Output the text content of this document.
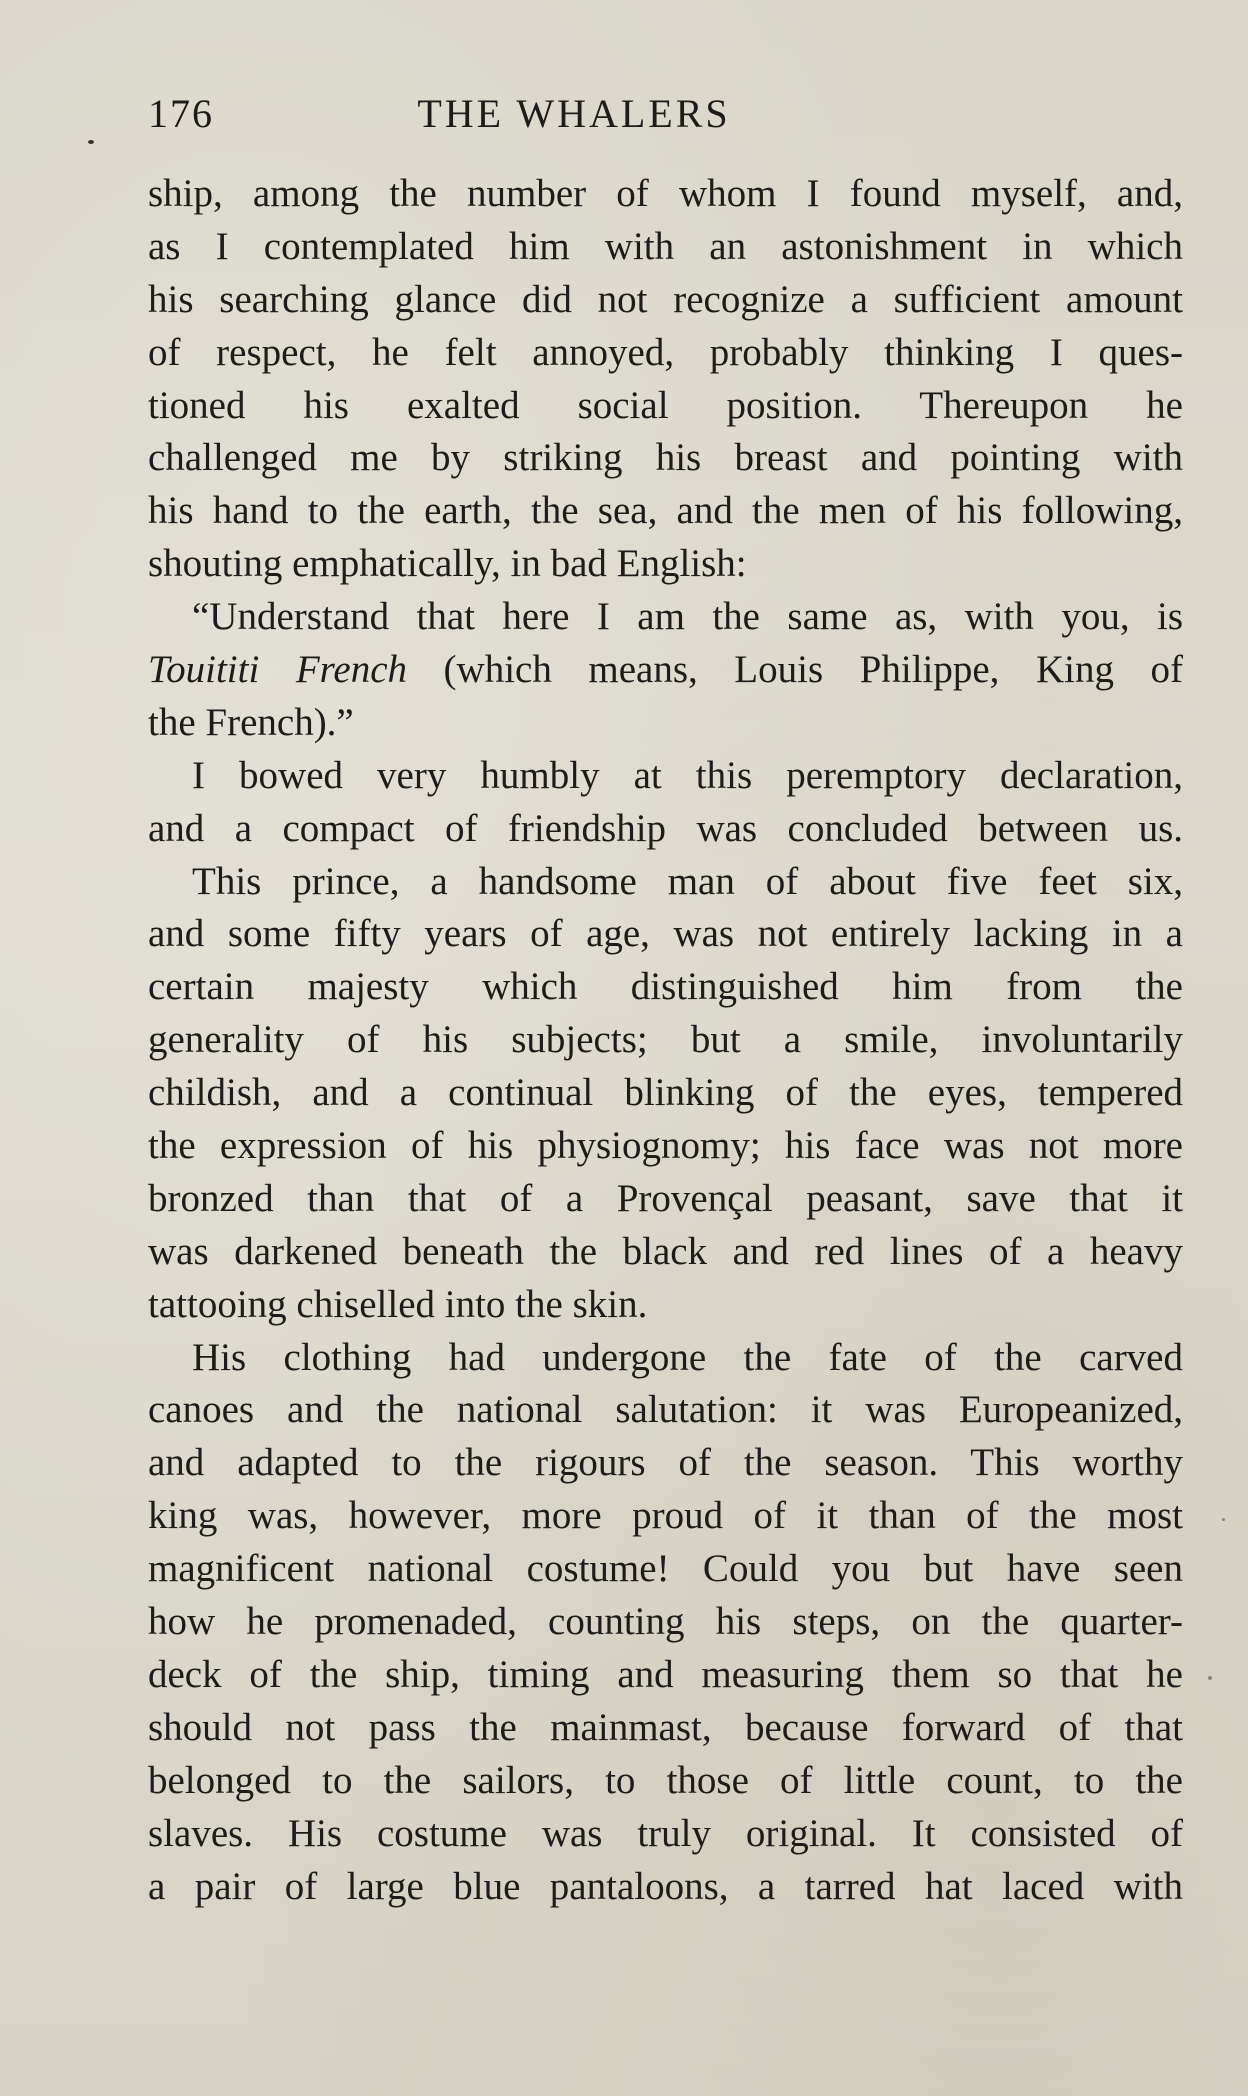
176	THE WHALERS
ship, among the number of whom I found myself, and,
as I contemplated him with an astonishment in which
his searching glance did not recognize a sufficient amount
of respect, he felt annoyed, probably thinking I ques-
tioned his exalted social position. Thereupon he
challenged me by striking his breast and pointing with
his hand to the earth, the sea, and the men of his following,
shouting emphatically, in bad English:
“Understand that here I am the same as, with you, is
Touititi French (which means, Louis Philippe, King of
the French).”
I bowed very humbly at this peremptory declaration,
and a compact of friendship was concluded between us.
This prince, a handsome man of about five feet six,
and some fifty years of age, was not entirely lacking in a
certain majesty which distinguished him from the
generality of his subjects; but a smile, involuntarily
childish, and a continual blinking of the eyes, tempered
the expression of his physiognomy; his face was not more
bronzed than that of a Provençal peasant, save that it
was darkened beneath the black and red lines of a heavy
tattooing chiselled into the skin.
His clothing had undergone the fate of the carved
canoes and the national salutation: it was Europeanized,
and adapted to the rigours of the season. This worthy
king was, however, more proud of it than of the most
magnificent national costume! Could you but have seen
how he promenaded, counting his steps, on the quarter-
deck of the ship, timing and measuring them so that he
should not pass the mainmast, because forward of that
belonged to the sailors, to those of little count, to the
slaves. His costume was truly original. It consisted of
a pair of large blue pantaloons, a tarred hat laced with
